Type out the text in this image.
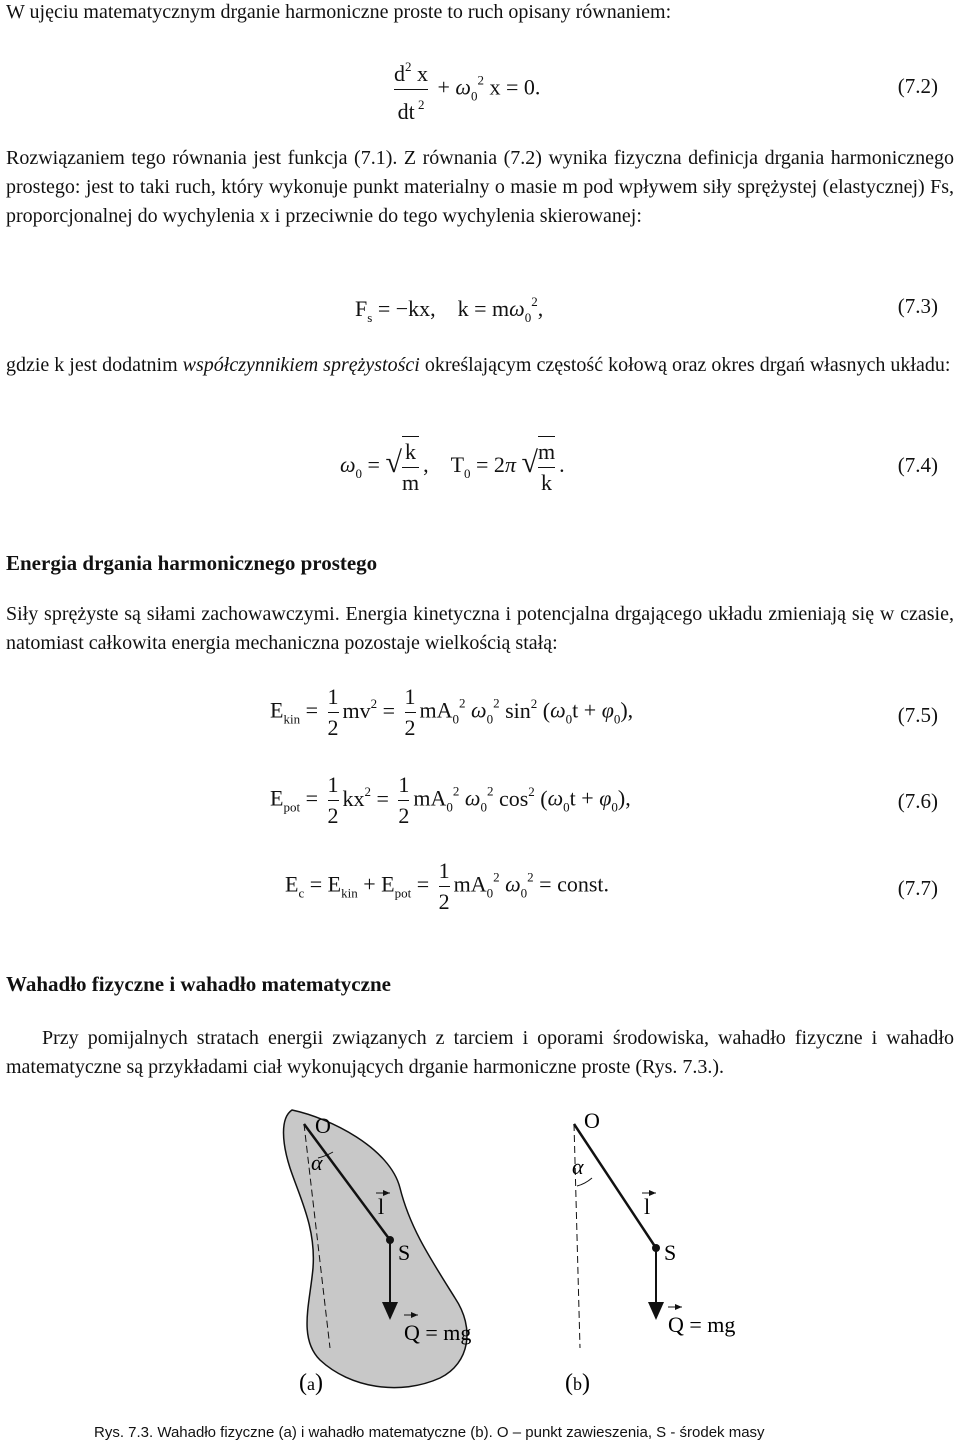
W ujęciu matematycznym drganie harmoniczne proste to ruch opisany równaniem:

$\frac{d^2 x}{dt ^2} + \omega_0^2$ x = 0.	(7.2)

Rozwiązaniem tego równania jest funkcja (7.1). Z równania (7.2) wynika fizyczna definicja drgania harmonicznego prostego: jest to taki ruch, który wykonuje punkt materialny o masie m pod wpływem siły sprężystej (elastycznej) Fs, proporcjonalnej do wychylenia x i przeciwnie do tego wychylenia skierowanej:

$F_s = -kx$,    $k = m\omega_0^2$,	(7.3)

gdzie k jest dodatnim współczynnikiem sprężystości określającym częstość kołową oraz okres drgań własnych układu:

$\omega_0$ = √ $\frac{k}{m}$ ,    $T_0 = 2\pi$ √ $\frac{m}{k}$ .	(7.4)
Energia drgania harmonicznego prostego

Siły sprężyste są siłami zachowawczymi. Energia kinetyczna i potencjalna drgającego układu zmieniają się w czasie, natomiast całkowita energia mechaniczna pozostaje wielkością stałą:

$E_{kin} = \frac{1}{2} mv^2 = \frac{1}{2} mA_0^2$ $\omega_0^2$ $\sin^2 (\omega_0t + \varphi_0)$,	(7.5)
$E_{pot} = \frac{1}{2} kx^2 = \frac{1}{2} mA_0^2$ $\omega_0^2$ $\cos^2 (\omega_0t + \varphi_0)$,	(7.6)
$E_c = E_{kin} + E_{pot} = \frac{1}{2} mA_0^2$ $\omega_0^2$ = const.	(7.7)
Wahadło fizyczne i wahadło matematyczne

Przy pomijalnych stratach energii związanych z tarciem i oporami środowiska, wahadło fizyczne i wahadło matematyczne są przykładami ciał wykonujących drganie harmoniczne proste (Rys. 7.3.).

O
α
l
S
Q = mg
(a)
O
α
l
S
Q = mg
(b)
Rys. 7.3. Wahadło fizyczne (a) i wahadło matematyczne (b). O – punkt zawieszenia, S - środek masy
